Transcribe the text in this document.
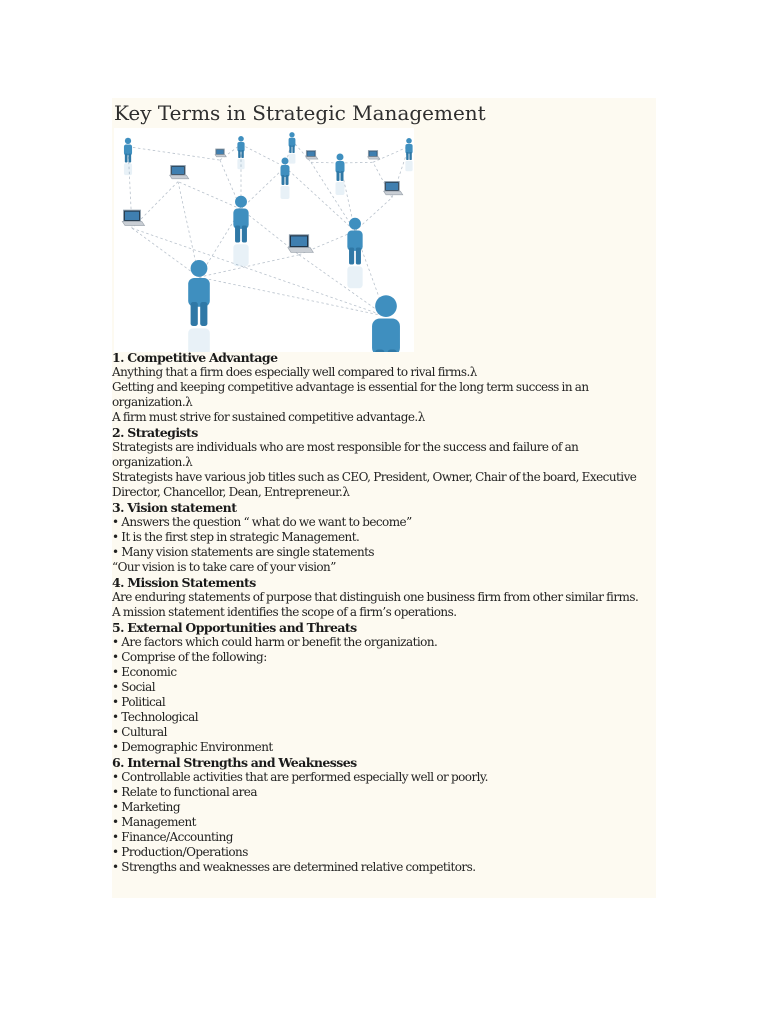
Key Terms in Strategic Management
1. Competitive Advantage

Anything that a firm does especially well compared to rival firms.λ

Getting and keeping competitive advantage is essential for the long term success in an organization.λ

A firm must strive for sustained competitive advantage.λ

2. Strategists

Strategists are individuals who are most responsible for the success and failure of an organization.λ

Strategists have various job titles such as CEO, President, Owner, Chair of the board, Executive Director, Chancellor, Dean, Entrepreneur.λ

3. Vision statement

• Answers the question “ what do we want to become”

• It is the first step in strategic Management.

• Many vision statements are single statements

“Our vision is to take care of your vision”

4. Mission Statements

Are enduring statements of purpose that distinguish one business firm from other similar firms.

A mission statement identifies the scope of a firm’s operations.

5. External Opportunities and Threats

• Are factors which could harm or benefit the organization.

• Comprise of the following:

• Economic

• Social

• Political

• Technological

• Cultural

• Demographic Environment

6. Internal Strengths and Weaknesses

• Controllable activities that are performed especially well or poorly.

• Relate to functional area

• Marketing

• Management

• Finance/Accounting

• Production/Operations

• Strengths and weaknesses are determined relative competitors.
